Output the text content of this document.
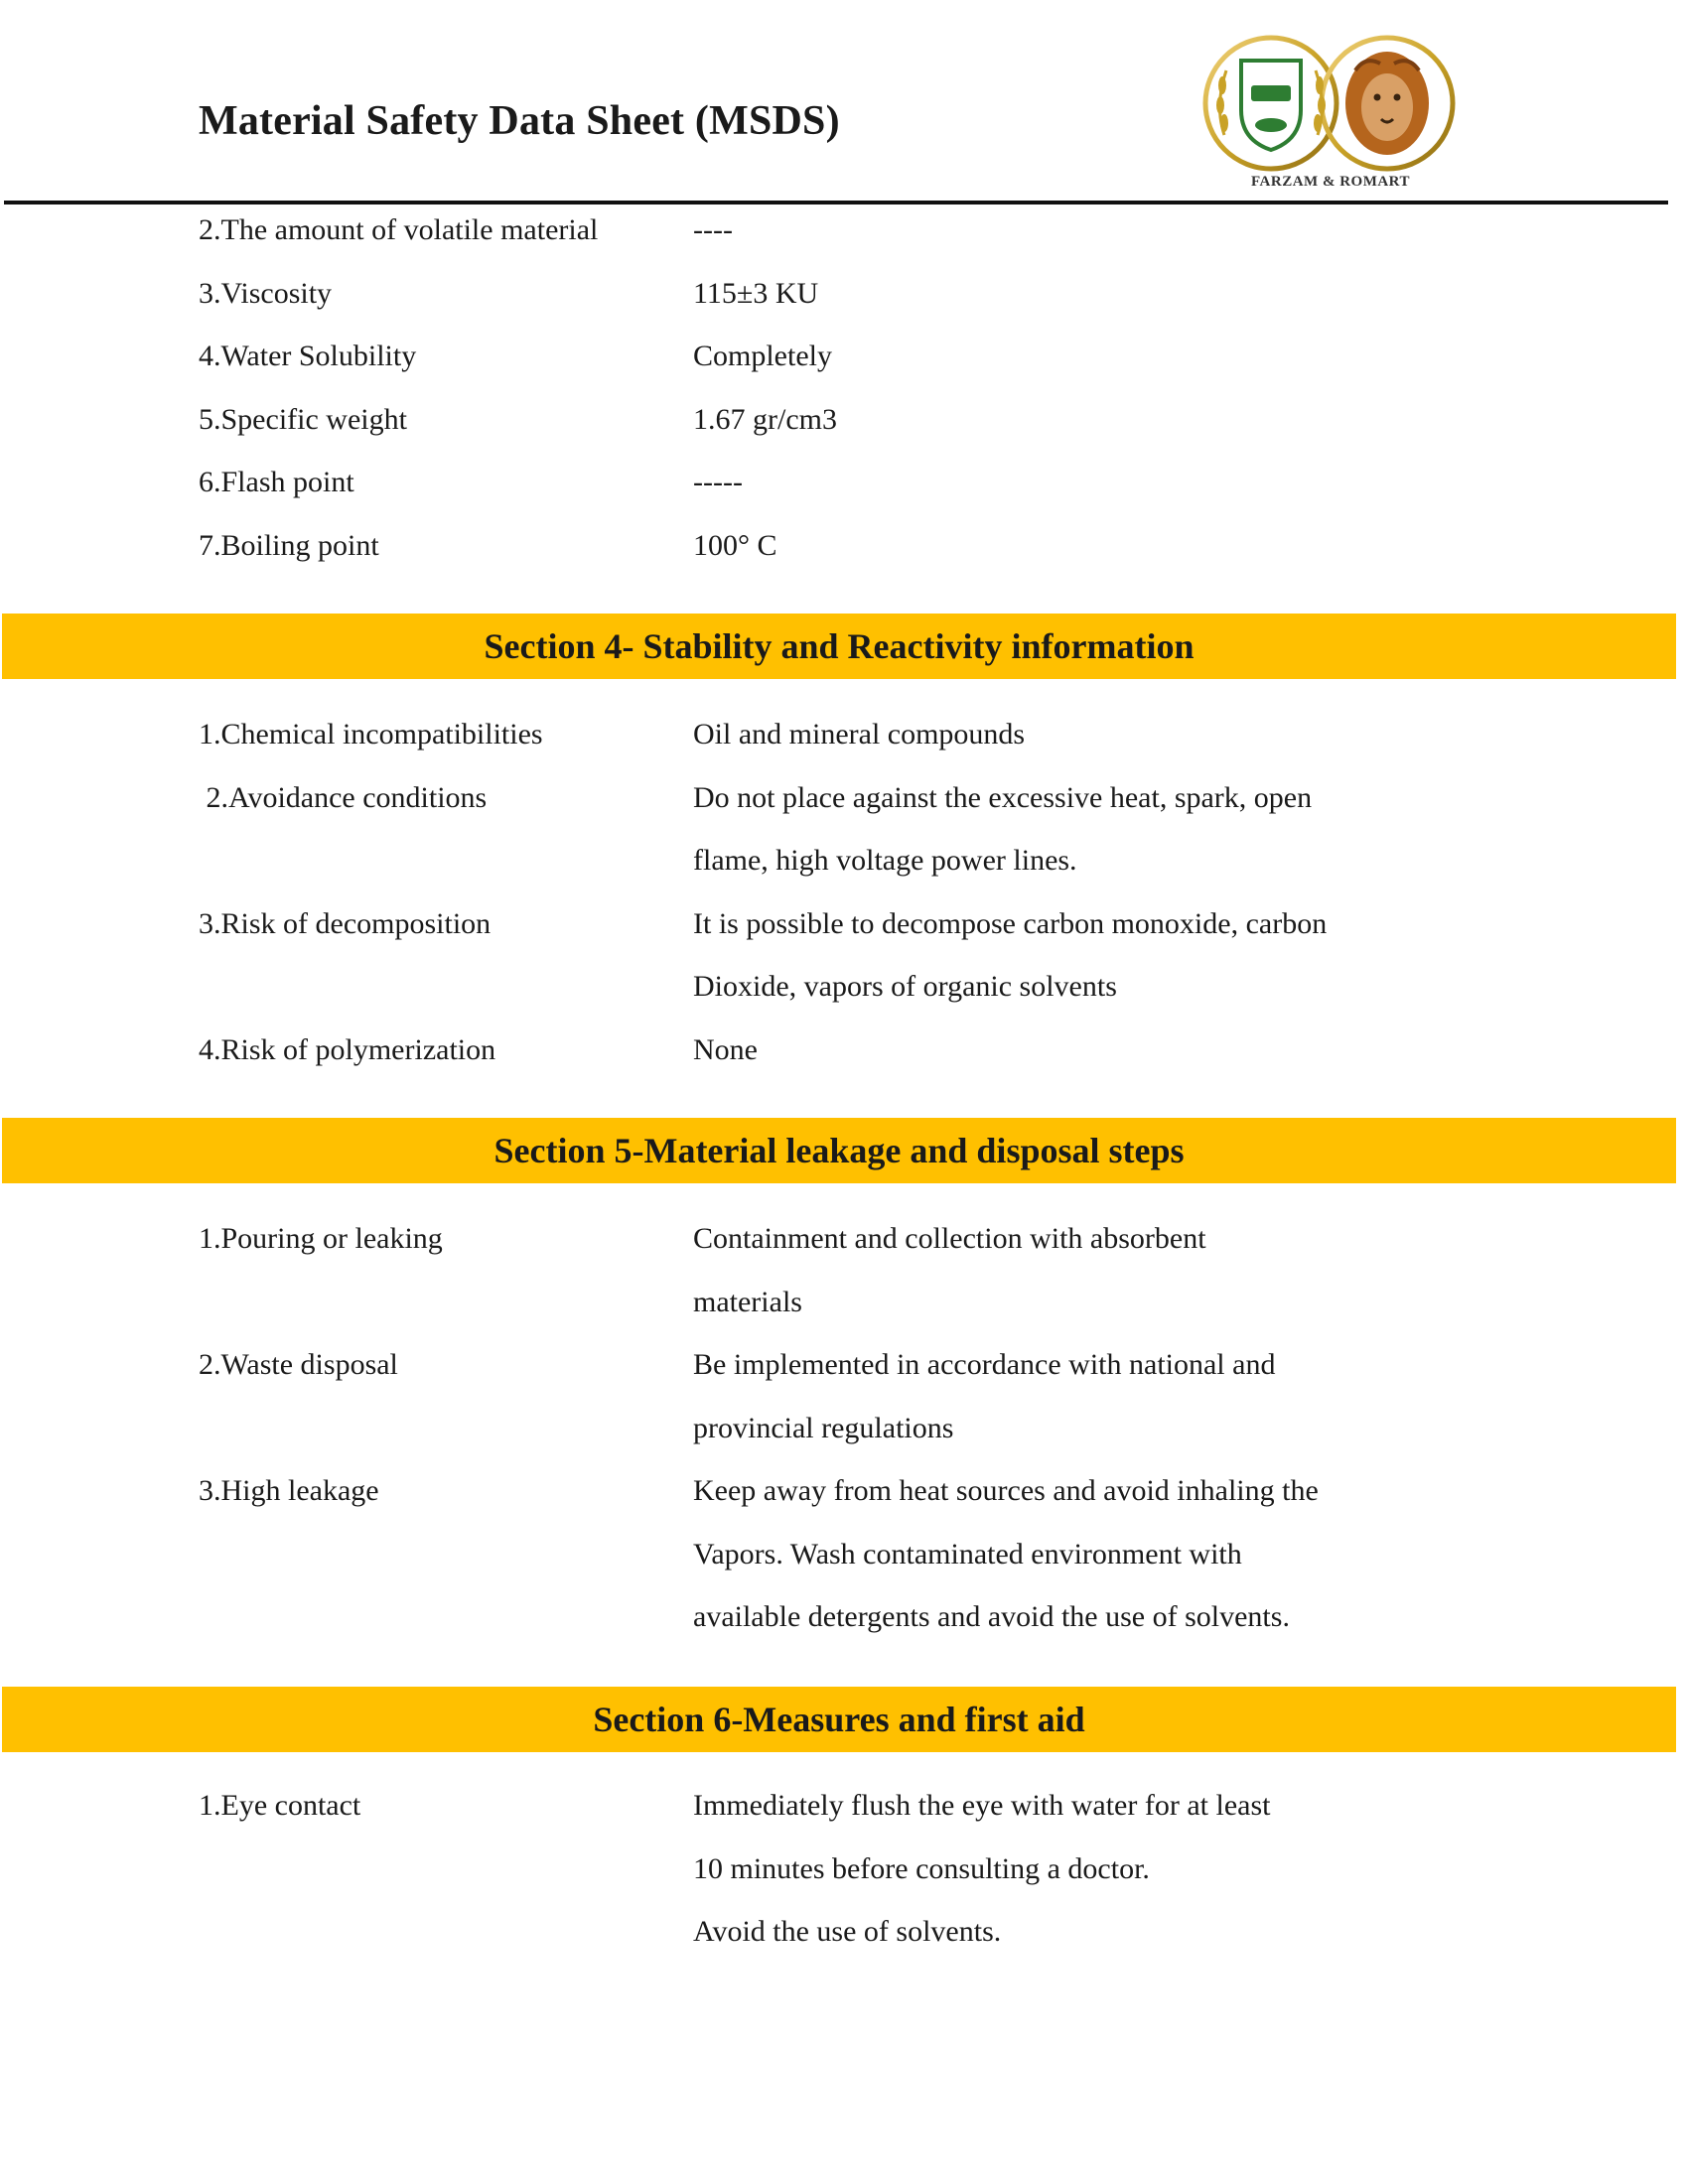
Material Safety Data Sheet (MSDS)
FARZAM & ROMART
2.The amount of volatile material	----
3.Viscosity	115±3 KU
4.Water Solubility	Completely
5.Specific weight	1.67 gr/cm3
6.Flash point	-----
7.Boiling point	100° C
Section 4- Stability and Reactivity information
1.Chemical incompatibilities	Oil and mineral compounds
2.Avoidance conditions	Do not place against the excessive heat, spark, open
flame, high voltage power lines.
3.Risk of decomposition	It is possible to decompose carbon monoxide, carbon
Dioxide, vapors of organic solvents
4.Risk of polymerization	None
Section 5-Material leakage and disposal steps
1.Pouring or leaking	Containment and collection with absorbent
materials
2.Waste disposal	Be implemented in accordance with national and
provincial regulations
3.High leakage	Keep away from heat sources and avoid inhaling the
Vapors. Wash contaminated environment with
available detergents and avoid the use of solvents.
Section 6-Measures and first aid
1.Eye contact	Immediately flush the eye with water for at least
10 minutes before consulting a doctor.
Avoid the use of solvents.
